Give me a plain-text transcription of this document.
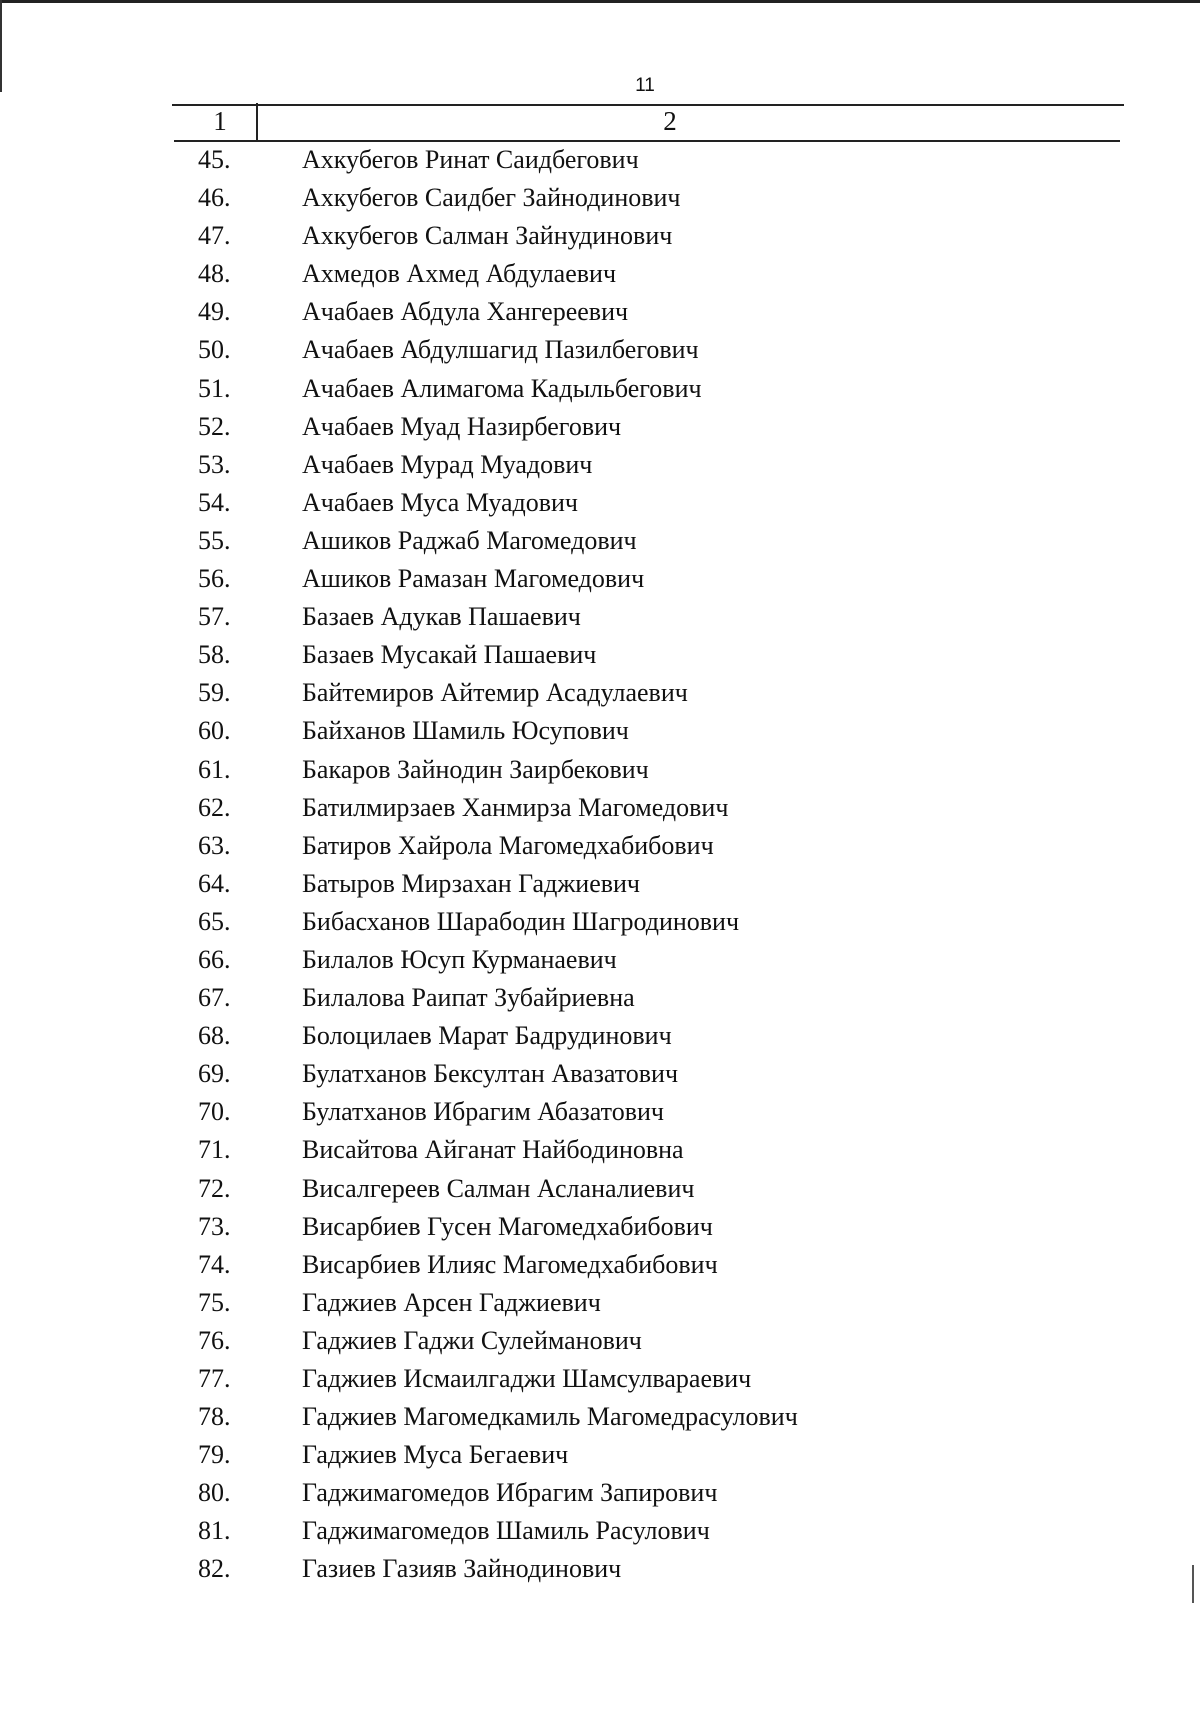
11
1	2
45.	Аxкубегов Ринат Саидбегович
46.	Аxкубегов Саидбег Зайнодинович
47.	Аxкубегов Салман Зайнудинович
48.	Ахмедов Ахмед Абдулаевич
49.	Ачабаев Абдула Хангереевич
50.	Ачабаев Абдулшагид Пазилбегович
51.	Ачабаев Алимагома Кадыльбегович
52.	Ачабаев Муад Назирбегович
53.	Ачабаев Мурад Муадович
54.	Ачабаев Муса Муадович
55.	Ашиков Раджаб Магомедович
56.	Ашиков Рамазан Магомедович
57.	Базаев Адукав Пашаевич
58.	Базаев Мусакай Пашаевич
59.	Байтемиров Айтемир Асадулаевич
60.	Байханов Шамиль Юсупович
61.	Бакаров Зайнодин Заирбекович
62.	Батилмирзаев Ханмирза Магомедович
63.	Батиров Хайрола Магомедхабибович
64.	Батыров Мирзахан Гаджиевич
65.	Бибасханов Шарабодин Шагродинович
66.	Билалов Юсуп Курманаевич
67.	Билалова Раипат Зубайриевна
68.	Болоцилаев Марат Бадрудинович
69.	Булатханов Бексултан Авазатович
70.	Булатханов Ибрагим Абазатович
71.	Висайтова Айганат Найбодиновна
72.	Висалгереев Салман Асланалиевич
73.	Висарбиев Гусен Магомедхабибович
74.	Висарбиев Илияс Магомедхабибович
75.	Гаджиев Арсен Гаджиевич
76.	Гаджиев Гаджи Сулейманович
77.	Гаджиев Исмаилгаджи Шамсулвараевич
78.	Гаджиев Магомедкамиль Магомедрасулович
79.	Гаджиев Муса Бегаевич
80.	Гаджимагомедов Ибрагим Запирович
81.	Гаджимагомедов Шамиль Расулович
82.	Газиев Газияв Зайнодинович
